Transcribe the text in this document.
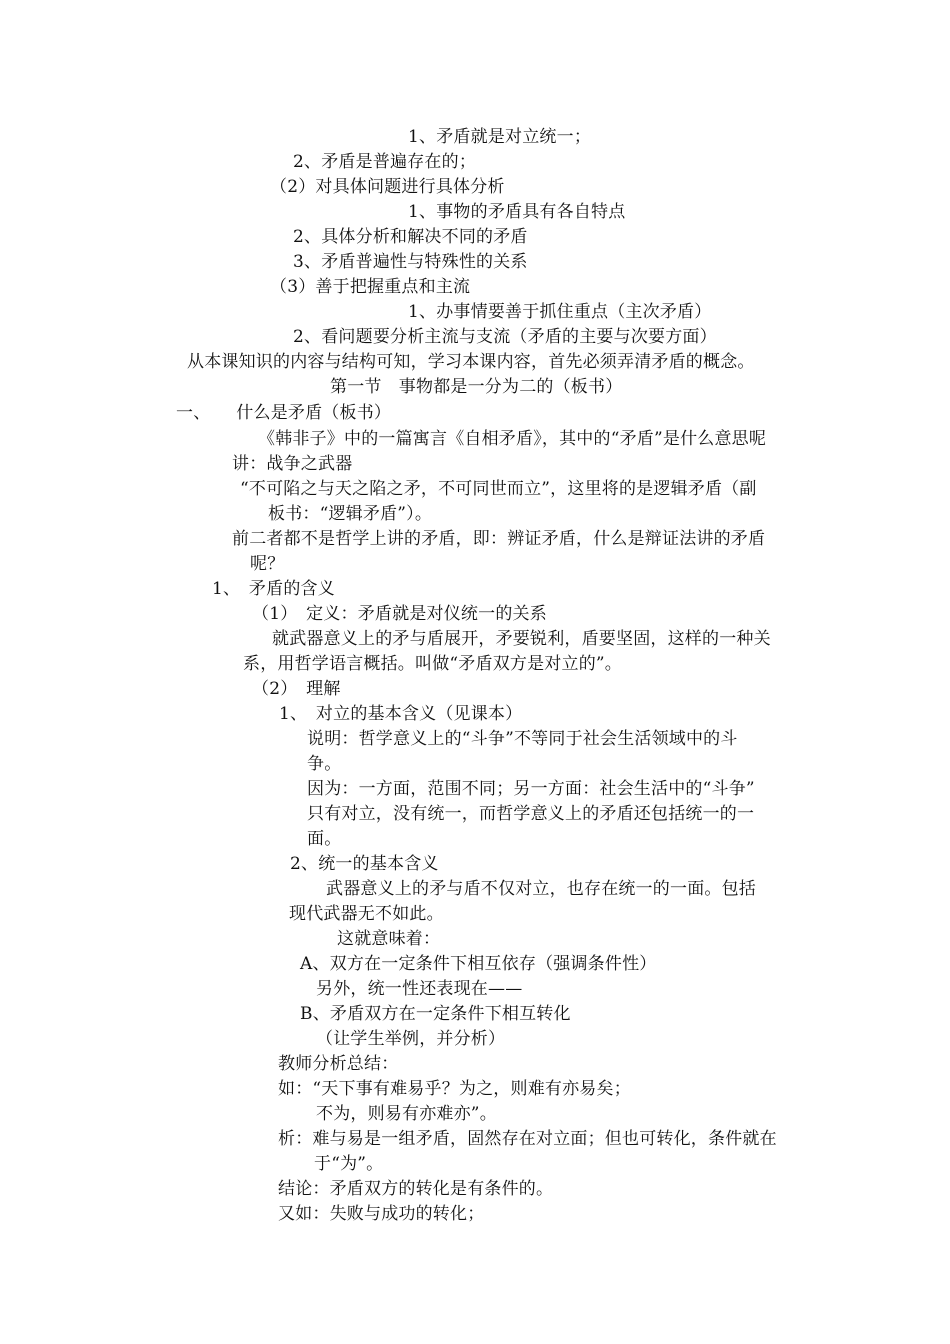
1、矛盾就是对立统一；
2、矛盾是普遍存在的；
（2）对具体问题进行具体分析
1、事物的矛盾具有各自特点
2、具体分析和解决不同的矛盾
3、矛盾普遍性与特殊性的关系
（3）善于把握重点和主流
1、办事情要善于抓住重点（主次矛盾）
2、看问题要分析主流与支流（矛盾的主要与次要方面）
从本课知识的内容与结构可知，学习本课内容，首先必须弄清矛盾的概念。
第一节　事物都是一分为二的（板书）
一、　　什么是矛盾（板书）
《韩非子》中的一篇寓言《自相矛盾》，其中的“矛盾”是什么意思呢
讲：战争之武器
“不可陷之与天之陷之矛，不可同世而立”，这里将的是逻辑矛盾（副
板书：“逻辑矛盾”）。
前二者都不是哲学上讲的矛盾，即：辨证矛盾，什么是辩证法讲的矛盾
呢？
1、　矛盾的含义
（1）　定义：矛盾就是对仪统一的关系
就武器意义上的矛与盾展开，矛要锐利，盾要坚固，这样的一种关
系，用哲学语言概括。叫做“矛盾双方是对立的”。
（2）　理解
1、　对立的基本含义（见课本）
说明：哲学意义上的“斗争”不等同于社会生活领域中的斗
争。
因为：一方面，范围不同；另一方面：社会生活中的“斗争”
只有对立，没有统一，而哲学意义上的矛盾还包括统一的一
面。
2、统一的基本含义
武器意义上的矛与盾不仅对立，也存在统一的一面。包括
现代武器无不如此。
这就意味着：
A、双方在一定条件下相互依存（强调条件性）
另外，统一性还表现在——
B、矛盾双方在一定条件下相互转化
（让学生举例，并分析）
教师分析总结：
如：“天下事有难易乎？为之，则难有亦易矣；
不为，则易有亦难亦”。
析：难与易是一组矛盾，固然存在对立面；但也可转化，条件就在
于“为”。
结论：矛盾双方的转化是有条件的。
又如：失败与成功的转化；
